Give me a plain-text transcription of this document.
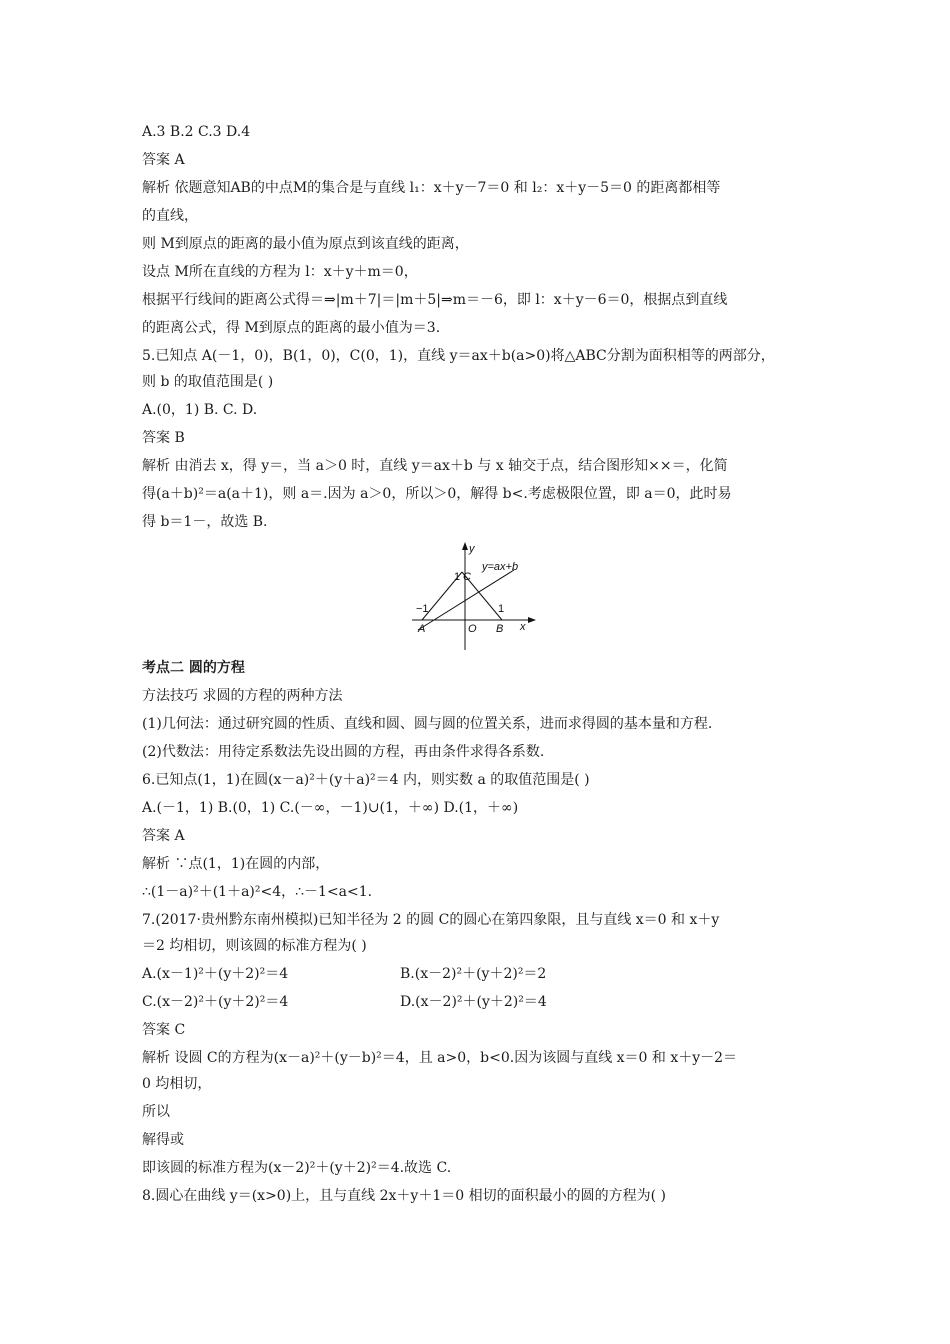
A.3 B.2 C.3 D.4
答案 A
解析 依题意知AB的中点M的集合是与直线 l₁：x＋y－7＝0 和 l₂：x＋y－5＝0 的距离都相等
的直线，
则 M到原点的距离的最小值为原点到该直线的距离，
设点 M所在直线的方程为 l：x＋y＋m＝0，
根据平行线间的距离公式得＝⇒|m＋7|＝|m＋5|⇒m＝－6，即 l：x＋y－6＝0，根据点到直线
的距离公式，得 M到原点的距离的最小值为＝3.
5.已知点 A(－1，0)，B(1，0)，C(0，1)，直线 y＝ax＋b(a>0)将△ABC分割为面积相等的两部分，
则 b 的取值范围是( )
A.(0，1) B. C. D.
答案 B
解析 由消去 x，得 y＝，当 a＞0 时，直线 y＝ax＋b 与 x 轴交于点，结合图形知××＝，化简
得(a＋b)²＝a(a＋1)，则 a＝.因为 a＞0，所以＞0，解得 b<.考虑极限位置，即 a＝0，此时易
得 b＝1－，故选 B.
y
x
y=ax+b
1 C
−1	1
A	O B
考点二 圆的方程
方法技巧 求圆的方程的两种方法
(1)几何法：通过研究圆的性质、直线和圆、圆与圆的位置关系，进而求得圆的基本量和方程.
(2)代数法：用待定系数法先设出圆的方程，再由条件求得各系数.
6.已知点(1，1)在圆(x－a)²＋(y＋a)²＝4 内，则实数 a 的取值范围是( )
A.(－1，1) B.(0，1) C.(－∞，－1)∪(1，＋∞) D.(1，＋∞)
答案 A
解析 ∵点(1，1)在圆的内部，
∴(1－a)²＋(1＋a)²<4，∴－1<a<1.
7.(2017·贵州黔东南州模拟)已知半径为 2 的圆 C的圆心在第四象限，且与直线 x＝0 和 x＋y
＝2 均相切，则该圆的标准方程为( )
A.(x－1)²＋(y＋2)²＝4	B.(x－2)²＋(y＋2)²＝2
C.(x－2)²＋(y＋2)²＝4	D.(x－2)²＋(y＋2)²＝4
答案 C
解析 设圆 C的方程为(x－a)²＋(y－b)²＝4，且 a>0，b<0.因为该圆与直线 x＝0 和 x＋y－2＝
0 均相切，
所以
解得或
即该圆的标准方程为(x－2)²＋(y＋2)²＝4.故选 C.
8.圆心在曲线 y＝(x>0)上，且与直线 2x＋y＋1＝0 相切的面积最小的圆的方程为( )
